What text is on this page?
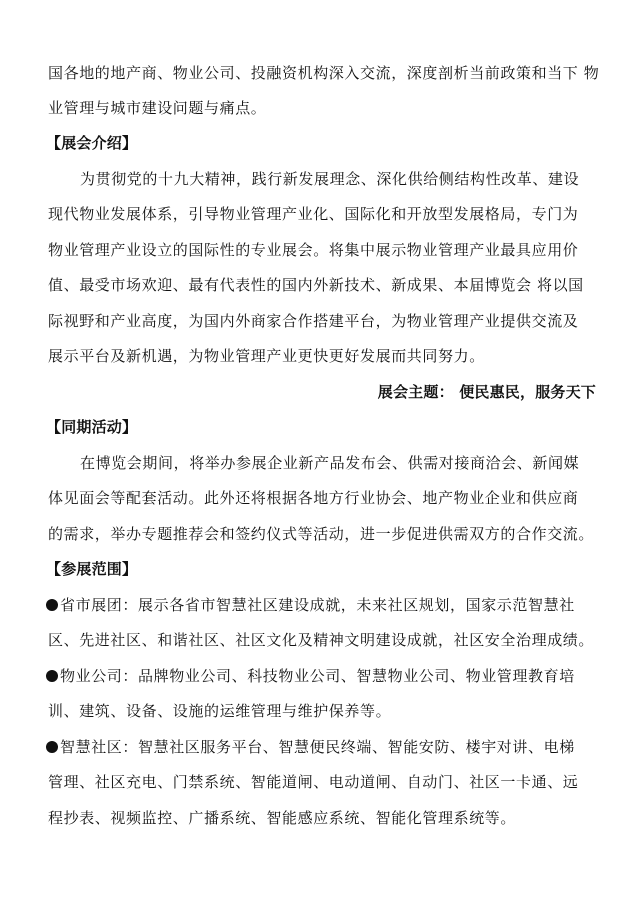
国各地的地产商、物业公司、投融资机构深入交流，深度剖析当前政策和当下 物
业管理与城市建设问题与痛点。
【展会介绍】
为贯彻党的十九大精神，践行新发展理念、深化供给侧结构性改革、建设
现代物业发展体系，引导物业管理产业化、国际化和开放型发展格局，专门为
物业管理产业设立的国际性的专业展会。将集中展示物业管理产业最具应用价
值、最受市场欢迎、最有代表性的国内外新技术、新成果、本届博览会 将以国
际视野和产业高度，为国内外商家合作搭建平台，为物业管理产业提供交流及
展示平台及新机遇，为物业管理产业更快更好发展而共同努力。
展会主题： 便民惠民，服务天下
【同期活动】
在博览会期间，将举办参展企业新产品发布会、供需对接商洽会、新闻媒
体见面会等配套活动。此外还将根据各地方行业协会、地产物业企业和供应商
的需求，举办专题推荐会和签约仪式等活动，进一步促进供需双方的合作交流。
【参展范围】
省市展团：展示各省市智慧社区建设成就，未来社区规划，国家示范智慧社
区、先进社区、和谐社区、社区文化及精神文明建设成就，社区安全治理成绩。
物业公司：品牌物业公司、科技物业公司、智慧物业公司、物业管理教育培
训、建筑、设备、设施的运维管理与维护保养等。
智慧社区：智慧社区服务平台、智慧便民终端、智能安防、楼宇对讲、电梯
管理、社区充电、门禁系统、智能道闸、电动道闸、自动门、社区一卡通、远
程抄表、视频监控、广播系统、智能感应系统、智能化管理系统等。
